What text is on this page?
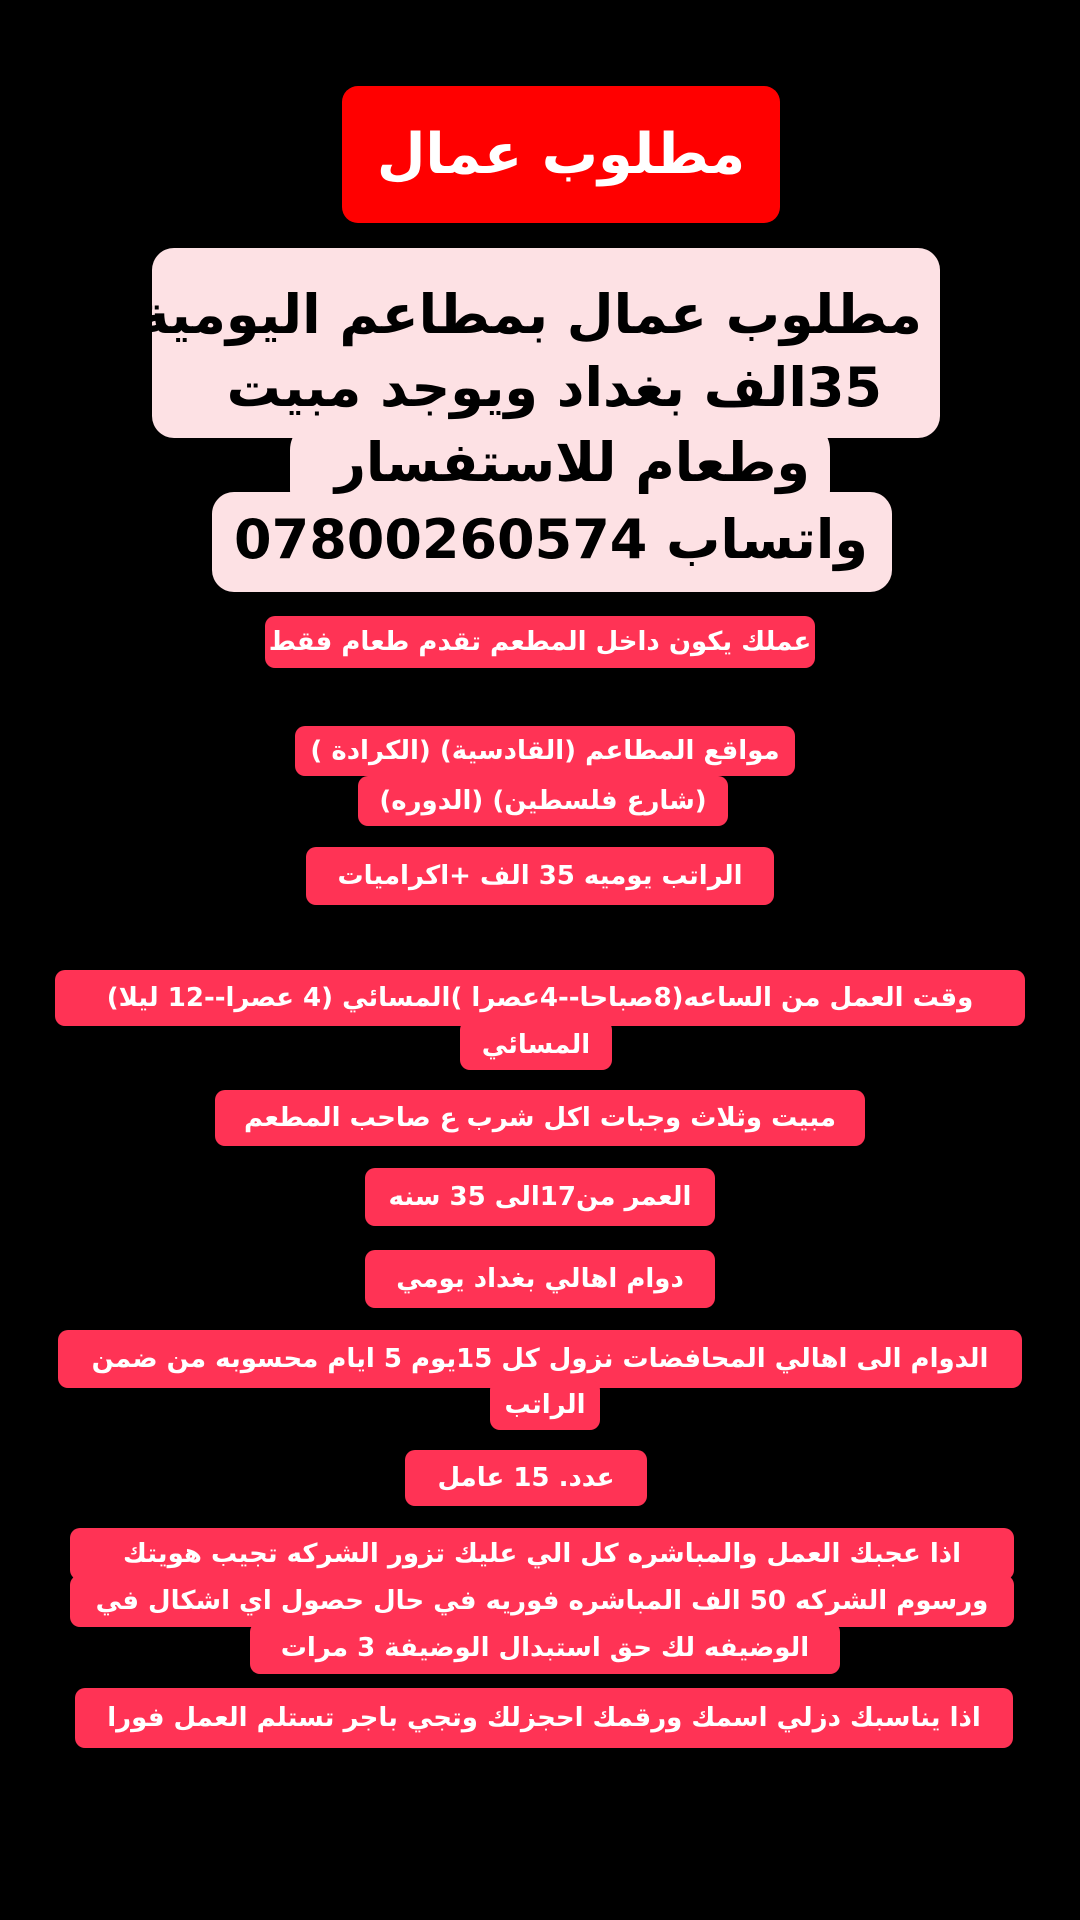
مطلوب عمال
مطلوب عمال بمطاعم اليومية
35الف بغداد ويوجد مبيت
وطعام للاستفسار
07800260574 واتساب
عملك يكون داخل المطعم تقدم طعام فقط
مواقع المطاعم (القادسية) (الكرادة )
(شارع فلسطين) (الدوره)
الراتب يوميه 35 الف +اكراميات
وقت العمل من الساعه(8صباحا--4عصرا )المسائي (4 عصرا--12 ليلا)
المسائي
مبيت وثلاث وجبات اكل شرب ع صاحب المطعم
العمر من17الى 35 سنه
دوام اهالي بغداد يومي
الدوام الى اهالي المحافضات نزول كل 15يوم 5 ايام محسوبه من ضمن
الراتب
عدد. 15 عامل
اذا عجبك العمل والمباشره كل الي عليك تزور الشركه تجيب هويتك
ورسوم الشركه 50 الف المباشره فوريه في حال حصول اي اشكال في
الوضيفه لك حق استبدال الوضيفة 3 مرات
اذا يناسبك دزلي اسمك ورقمك احجزلك وتجي باجر تستلم العمل فورا
